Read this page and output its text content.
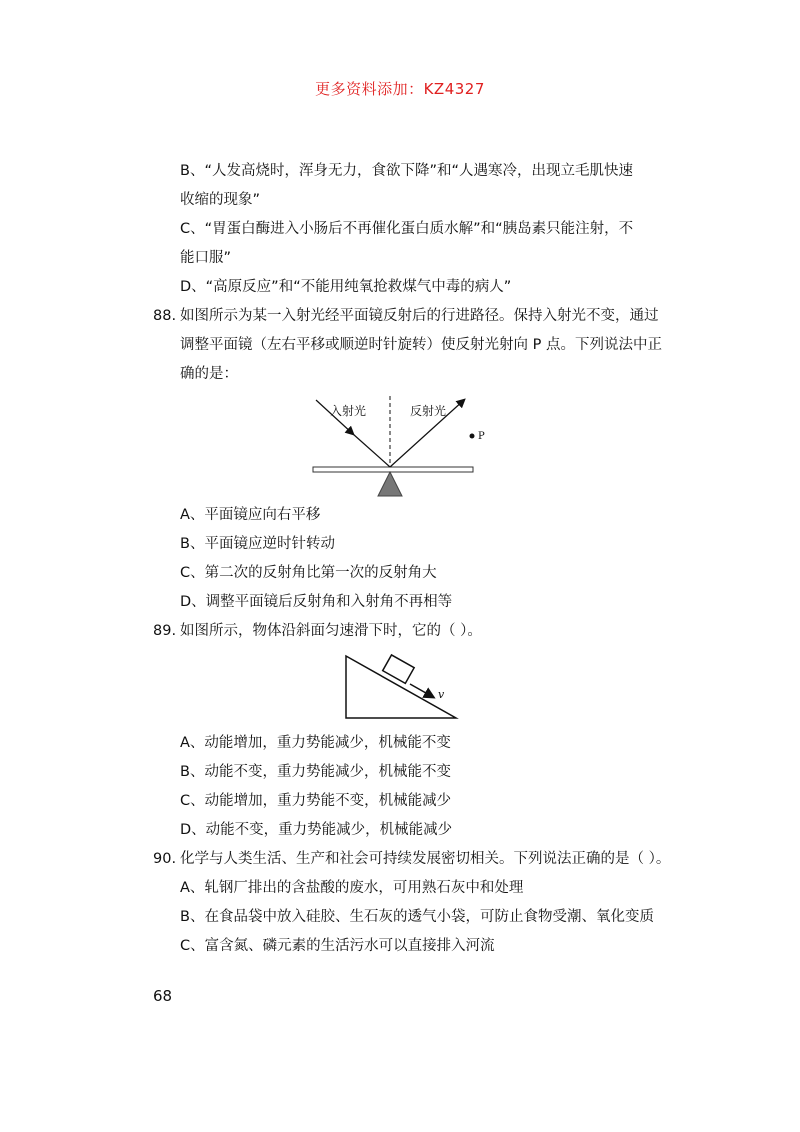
更多资料添加：KZ4327
B、“人发高烧时，浑身无力，食欲下降”和“人遇寒冷，出现立毛肌快速
收缩的现象”
C、“胃蛋白酶进入小肠后不再催化蛋白质水解”和“胰岛素只能注射，不
能口服”
D、“高原反应”和“不能用纯氧抢救煤气中毒的病人”
88. 如图所示为某一入射光经平面镜反射后的行进路径。保持入射光不变，通过
调整平面镜（左右平移或顺逆时针旋转）使反射光射向 P 点。下列说法中正
确的是：
入射光	反射光
P
A、平面镜应向右平移
B、平面镜应逆时针转动
C、第二次的反射角比第一次的反射角大
D、调整平面镜后反射角和入射角不再相等
89. 如图所示，物体沿斜面匀速滑下时，它的（ ）。
v
A、动能增加，重力势能减少，机械能不变
B、动能不变，重力势能减少，机械能不变
C、动能增加，重力势能不变，机械能减少
D、动能不变，重力势能减少，机械能减少
90. 化学与人类生活、生产和社会可持续发展密切相关。下列说法正确的是（ ）。
A、轧钢厂排出的含盐酸的废水，可用熟石灰中和处理
B、在食品袋中放入硅胶、生石灰的透气小袋，可防止食物受潮、氧化变质
C、富含氮、磷元素的生活污水可以直接排入河流
68
